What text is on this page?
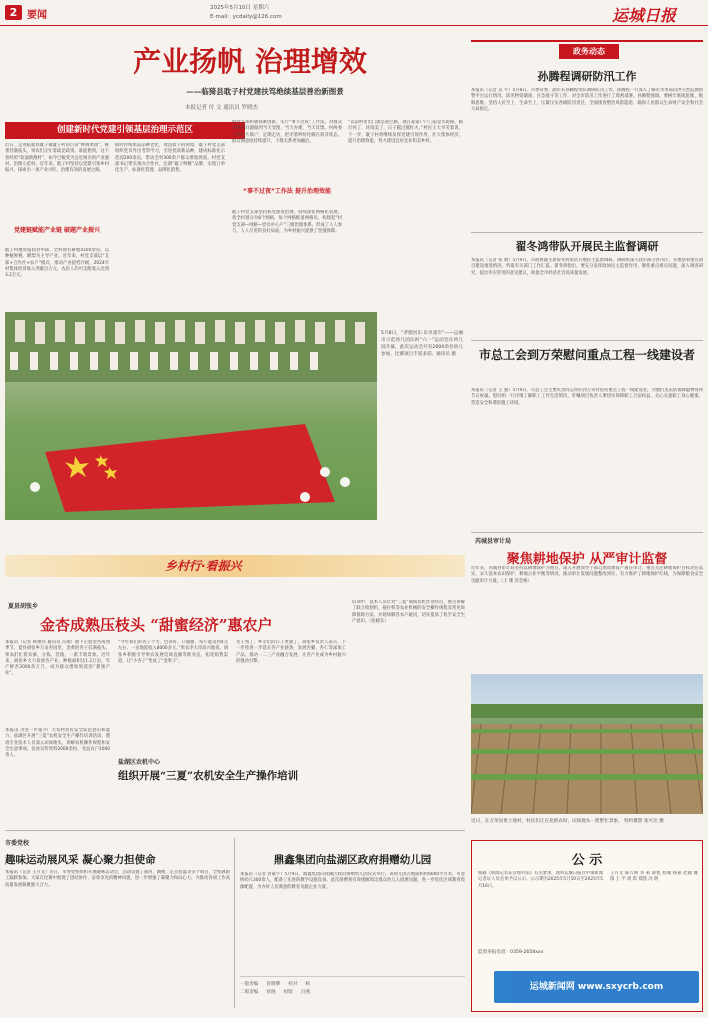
2 要闻
2025年5月10日 星期六
E-mail：ycdaily@126.com	运城日报
产业扬帆 治理增效
——临猗县耽子村党建扶笃绝续基层善治新图景
本报记者 付 文 通讯员 罗晓杰
创建新时代党建引领基层治理示范区
近日，走进临猗县耽子镇耽子村的百亩“鲜桃果园”，桃蕾挂满枝头，果农们正忙着疏花疏果。谁能想到，这个曾经的“软弱涣散村”，如今已蜕变为远近闻名的产业强村、治理示范村。近年来，耽子村坚持以党建引领乡村振兴，探索出一条产业兴旺、治理有效的发展之路。
党建链赋能产业链 破题产业振兴
耽子村地处临猗县中部，全村现有耕地4100余亩，以种植鲜桃、酥梨为主导产业。近年来，村党支部以“支部+合作社+农户”模式，推动产业提档升级，2024年村集体经济收入突破百万元，农民人均可支配收入达到3.2万元。
即时传统果品品种老化，效益低下的困境，耽子村党支部组织党员外出考察学习，引进优质新品种，建成标准化示范园200余亩，带动全村300余户群众增收致富。村党支部书记带头领办合作社，注册“耽子鲜桃”品牌，实现订单化生产、标准化管理、品牌化销售。
村党支部积极探索创新，实行“事不过夜”工作法，对群众反映的问题做到当天受理、当天办理、当天反馈。村两委干部包片联户，定期走访，把矛盾纠纷化解在萌芽状态。群众满意度持续提升，干群关系更加融洽。
“事不过夜”工作法 提升治理效能
耽子村党支部坚持抓党建促治理，持续深化网格化管理，将全村划分为8个网格，每个网格配备网格员，构建起“村党支部—网格—党员中心户”三级治理体系，形成了人人参与、人人尽责的良好局面，为乡村振兴提供了坚强保障。
“以前村里出门就是泥巴路，现在家家户户门前是水泥路，路灯亮了，环境美了，日子越过越红火。”村民王大爷笑着说。下一步，耽子村将继续发挥党建引领作用，壮大集体经济，提升治理效能，努力建设宜居宜业和美乡村。
5月8日，“孝德河东·乐享童年”——运城市示范幼儿园庆祝“六一”运动会在幼儿园开幕，此次运动会共有2000余名幼儿参加，比赛项目丰富多彩。通讯员 摄
乡村行·看振兴
夏县胡张乡
金杏成熟压枝头 “甜蜜经济”惠农户
本报讯（记者 韩俊伟 通讯员 冯瑞）眼下正值金杏成熟季节，夏县胡张乡万亩杏园里，金黄的杏子挂满枝头，果农们忙着采摘、分拣、装箱，一派丰收景象。近年来，胡张乡大力发展杏产业，种植面积达1.2万亩，年产鲜杏2000余万斤，成为群众增收致富的“甜蜜产业”。
“今年我们的杏子个大、色泽好、口感甜，每斤能卖到4元左右，一亩地能收入8000多元。”果农李大哥高兴地说。胡张乡积极引导果农发展电商直播等新业态，拓宽销售渠道，让“小杏子”变成了“金果子”。
杏子熟了，乡亲们的日子更甜了。胡张乡负责人表示，下一步将进一步延长杏产业链条，发展杏脯、杏仁等深加工产品，推动一二三产业融合发展，让杏产业成为乡村振兴的强劲引擎。
培训中，技术人员针对“三夏”期间农机作业特点，重点讲解了联合收割机、拖拉机等农业机械的安全操作规程及常见故障排除方法，并现场解答农户疑问，切实提高了机手安全生产意识。（张晓东）
本报讯 为进一步提升广大农村居民安全防范意识和能力，盐湖区开展“三夏”农机安全生产操作培训活动，邀请专业技术人员深入田间地头，讲解农机操作规程和安全注意事项，发放宣传资料2000余份，受益农户1000余人。
盐湖区农机中心
组织开展“三夏”农机安全生产操作培训
市委党校
趣味运动展风采 凝心聚力担使命
本报讯（记者 王月文）近日，市委党校组织开展趣味运动会，活动设置了拔河、跳绳、定点投篮等多个项目，全校教职工踊跃参加。大家在比赛中展现了团结协作、奋勇争先的精神风貌，进一步增强了凝聚力和向心力，为推动各项工作高质量发展凝聚强大合力。
鼎鑫集团向盐湖区政府捐赠幼儿园
本报讯（记者 曾豪宇）5月9日，鼎鑫集团向盐湖区政府捐赠幼儿园仪式举行。该幼儿园占地面积约6000平方米，可容纳幼儿300余人，配备了先进的教学设施设备。此次捐赠将有效缓解周边群众幼儿入园难问题，进一步优化区域教育资源配置，为办好人民满意的教育贡献企业力量。
一版责编 曾晓攀 校对 杨
二版责编 侯晓 组版 冯燕
政务动态
孙腾程调研防汛工作
本报讯（记者 吴 平）5月8日，市委常委、副市长孙腾程带队调研防汛工作。孙腾程一行深入了解市水务局山洪灾害监测预警平台运行情况、防汛物资储备、应急值守等工作，对全市防汛工作进行了周密部署。孙腾程强调，要树牢底线思维、极限思维，坚持人民至上、生命至上，压紧压实各级防汛责任，全面排查整治风险隐患，确保人民群众生命财产安全和社会大局稳定。
翟冬鸿带队开展民主监督调研
本报讯（记者 张 婧）5月9日，市政协副主席翟冬鸿带队开展民主监督调研。调研组深入我市部分县市区，实地察看重点项目建设推进情况，听取有关部门工作汇报。翟冬鸿指出，要充分发挥政协民主监督作用，聚焦重点难点问题，深入调查研究，提出务实管用的意见建议，助推全市经济社会高质量发展。
市总工会到万荣慰问重点工程一线建设者
本报讯（记者 王 强）5月9日，市总工会主要负责同志带队到万荣县慰问重点工程一线建设者，为他们送去防暑降温物资和节日祝福。慰问组一行详细了解职工工作生活情况，叮嘱项目负责人要切实保障职工合法权益，关心关爱职工身心健康，营造安全和谐的施工环境。
芮城县审计局
聚焦耕地保护 从严审计监督
近年来，芮城县审计局坚持以耕地保护为重点，深入开展领导干部自然资源资产离任审计，重点关注耕地保护目标责任落实、永久基本农田保护、耕地占补平衡等情况，推动审计发现问题整改到位，有力维护了耕地保护红线，为保障粮食安全贡献审计力量。（王 珊 苏会梅）
近日，在万荣县黄土坡村，村民们正在抢抓农时，田间地头一派繁忙景象。 特约摄影 张可达 摄
公 示
根据《新闻记者证管理办法》有关要求，现将运城日报社申领新闻记者证人员名单予以公示。公示期为2025年5月10日至2025年5月16日。
王月文 陈方洲 李 莉 薛旭 程瑜 杨嘉 赵晓 姚瑞 王 平 周 琪 郑凯 冯 明
监督举报电话：0359-2658xxx
运城新闻网 www.sxycrb.com
